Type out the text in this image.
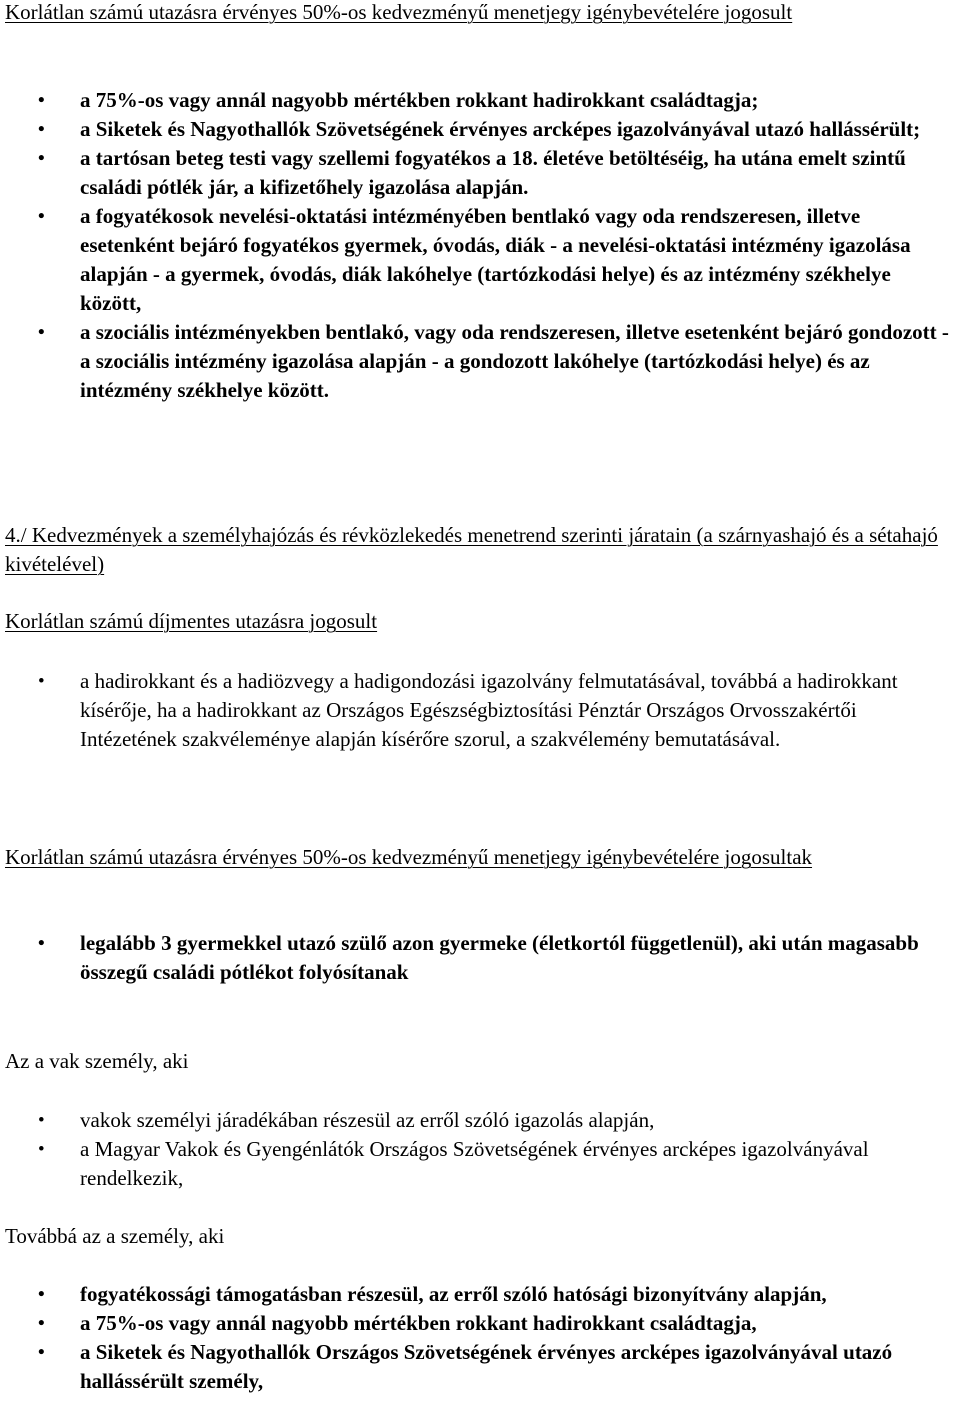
Korlátlan számú utazásra érvényes 50%-os kedvezményű menetjegy igénybevételére jogosult
• a 75%-os vagy annál nagyobb mértékben rokkant hadirokkant családtagja;
• a Siketek és Nagyothallók Szövetségének érvényes arcképes igazolványával utazó hallássérült;
• a tartósan beteg testi vagy szellemi fogyatékos a 18. életéve betöltéséig, ha utána emelt szintű családi pótlék jár, a kifizetőhely igazolása alapján.
• a fogyatékosok nevelési-oktatási intézményében bentlakó vagy oda rendszeresen, illetve esetenként bejáró fogyatékos gyermek, óvodás, diák - a nevelési-oktatási intézmény igazolása alapján - a gyermek, óvodás, diák lakóhelye (tartózkodási helye) és az intézmény székhelye között,
• a szociális intézményekben bentlakó, vagy oda rendszeresen, illetve esetenként bejáró gondozott - a szociális intézmény igazolása alapján - a gondozott lakóhelye (tartózkodási helye) és az intézmény székhelye között.
4./ Kedvezmények a személyhajózás és révközlekedés menetrend szerinti járatain (a szárnyashajó és a sétahajó kivételével)
Korlátlan számú díjmentes utazásra jogosult
• a hadirokkant és a hadiözvegy a hadigondozási igazolvány felmutatásával, továbbá a hadirokkant kísérője, ha a hadirokkant az Országos Egészségbiztosítási Pénztár Országos Orvosszakértői Intézetének szakvéleménye alapján kísérőre szorul, a szakvélemény bemutatásával.
Korlátlan számú utazásra érvényes 50%-os kedvezményű menetjegy igénybevételére jogosultak
• legalább 3 gyermekkel utazó szülő azon gyermeke (életkortól függetlenül), aki után magasabb összegű családi pótlékot folyósítanak
Az a vak személy, aki
• vakok személyi járadékában részesül az erről szóló igazolás alapján,
• a Magyar Vakok és Gyengénlátók Országos Szövetségének érvényes arcképes igazolványával rendelkezik,
Továbbá az a személy, aki
• fogyatékossági támogatásban részesül, az erről szóló hatósági bizonyítvány alapján,
• a 75%-os vagy annál nagyobb mértékben rokkant hadirokkant családtagja,
• a Siketek és Nagyothallók Országos Szövetségének érvényes arcképes igazolványával utazó hallássérült személy,
